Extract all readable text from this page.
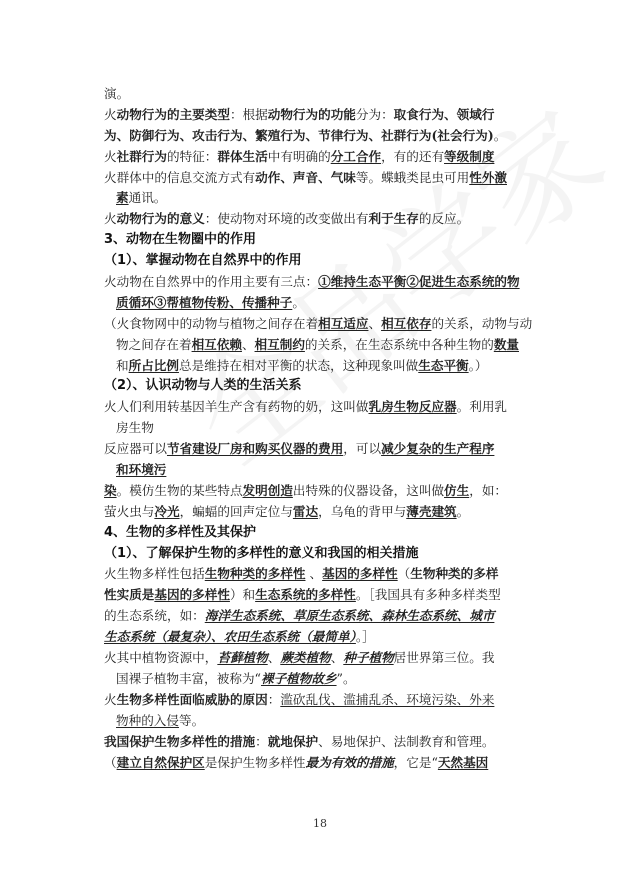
演。
火动物行为的主要类型：根据动物行为的功能分为：取食行为、领域行
为、防御行为、攻击行为、繁殖行为、节律行为、社群行为(社会行为)。
火社群行为的特征：群体生活中有明确的分工合作，有的还有等级制度
火群体中的信息交流方式有动作、声音、气味等。蝶蛾类昆虫可用性外激
素通讯。
火动物行为的意义：使动物对环境的改变做出有利于生存的反应。
3、动物在生物圈中的作用
（1）、掌握动物在自然界中的作用
火动物在自然界中的作用主要有三点：①维持生态平衡②促进生态系统的物
质循环③帮植物传粉、传播种子。
（火食物网中的动物与植物之间存在着相互适应、相互依存的关系，动物与动
物之间存在着相互依赖、相互制约的关系，在生态系统中各种生物的数量
和所占比例总是维持在相对平衡的状态，这种现象叫做生态平衡。）
（2）、认识动物与人类的生活关系
火人们利用转基因羊生产含有药物的奶，这叫做乳房生物反应器。利用乳
房生物
反应器可以节省建设厂房和购买仪器的费用，可以减少复杂的生产程序
和环境污
染。模仿生物的某些特点发明创造出特殊的仪器设备，这叫做仿生，如：
萤火虫与冷光，蝙蝠的回声定位与雷达，乌龟的背甲与薄壳建筑。
4、生物的多样性及其保护
（1）、了解保护生物的多样性的意义和我国的相关措施
火生物多样性包括生物种类的多样性 、基因的多样性（生物种类的多样
性实质是基因的多样性）和生态系统的多样性。［我国具有多种多样类型
的生态系统，如：海洋生态系统、草原生态系统、森林生态系统、城市
生态系统（最复杂）、农田生态系统（最简单）。］
火其中植物资源中，苔藓植物、蕨类植物、种子植物居世界第三位。我
国裸子植物丰富，被称为“裸子植物故乡”。
火生物多样性面临威胁的原因：滥砍乱伐、滥捕乱杀、环境污染、外来
物种的入侵等。
我国保护生物多样性的措施：就地保护、易地保护、法制教育和管理。
（建立自然保护区是保护生物多样性最为有效的措施，它是“天然基因
18
